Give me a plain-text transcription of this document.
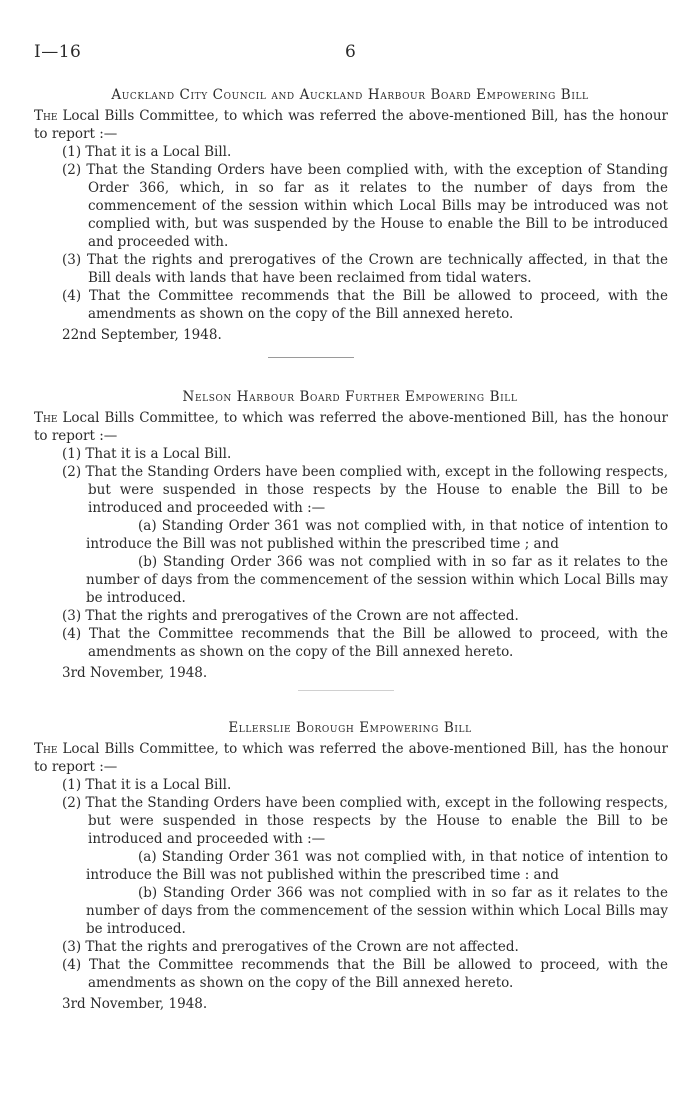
I—16	6

Auckland City Council and Auckland Harbour Board Empowering Bill

The Local Bills Committee, to which was referred the above-mentioned Bill, has the honour to report :—

(1) That it is a Local Bill.
(2) That the Standing Orders have been complied with, with the exception of Standing Order 366, which, in so far as it relates to the number of days from the commencement of the session within which Local Bills may be introduced was not complied with, but was suspended by the House to enable the Bill to be introduced and proceeded with.
(3) That the rights and prerogatives of the Crown are technically affected, in that the Bill deals with lands that have been reclaimed from tidal waters.
(4) That the Committee recommends that the Bill be allowed to proceed, with the amendments as shown on the copy of the Bill annexed hereto.
22nd September, 1948.

Nelson Harbour Board Further Empowering Bill

The Local Bills Committee, to which was referred the above-mentioned Bill, has the honour to report :—

(1) That it is a Local Bill.
(2) That the Standing Orders have been complied with, except in the following respects, but were suspended in those respects by the House to enable the Bill to be introduced and proceeded with :—
(a) Standing Order 361 was not complied with, in that notice of intention to introduce the Bill was not published within the prescribed time ; and
(b) Standing Order 366 was not complied with in so far as it relates to the number of days from the commencement of the session within which Local Bills may be introduced.
(3) That the rights and prerogatives of the Crown are not affected.
(4) That the Committee recommends that the Bill be allowed to proceed, with the amendments as shown on the copy of the Bill annexed hereto.
3rd November, 1948.

Ellerslie Borough Empowering Bill

The Local Bills Committee, to which was referred the above-mentioned Bill, has the honour to report :—

(1) That it is a Local Bill.
(2) That the Standing Orders have been complied with, except in the following respects, but were suspended in those respects by the House to enable the Bill to be introduced and proceeded with :—
(a) Standing Order 361 was not complied with, in that notice of intention to introduce the Bill was not published within the prescribed time : and
(b) Standing Order 366 was not complied with in so far as it relates to the number of days from the commencement of the session within which Local Bills may be introduced.
(3) That the rights and prerogatives of the Crown are not affected.
(4) That the Committee recommends that the Bill be allowed to proceed, with the amendments as shown on the copy of the Bill annexed hereto.
3rd November, 1948.
